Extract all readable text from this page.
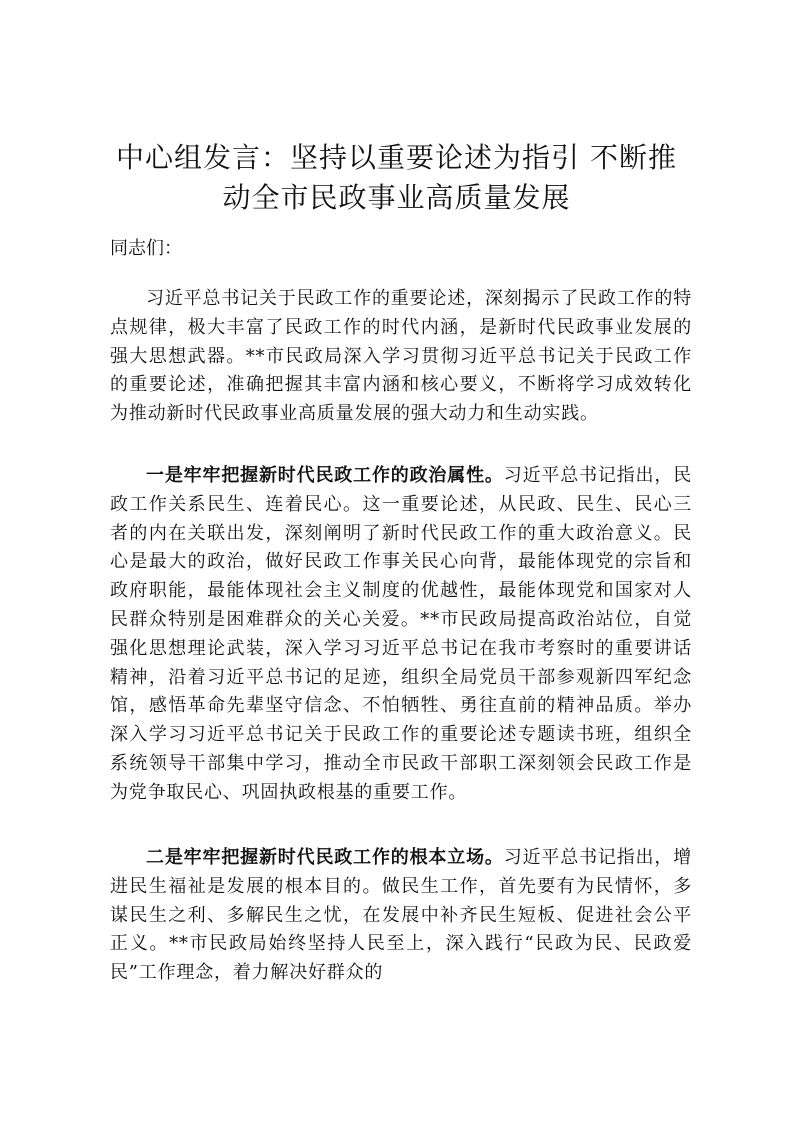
中心组发言：坚持以重要论述为指引 不断推
动全市民政事业高质量发展

同志们：

习近平总书记关于民政工作的重要论述，深刻揭示了民政工作的特点规律，极大丰富了民政工作的时代内涵，是新时代民政事业发展的强大思想武器。**市民政局深入学习贯彻习近平总书记关于民政工作的重要论述，准确把握其丰富内涵和核心要义，不断将学习成效转化为推动新时代民政事业高质量发展的强大动力和生动实践。

一是牢牢把握新时代民政工作的政治属性。习近平总书记指出，民政工作关系民生、连着民心。这一重要论述，从民政、民生、民心三者的内在关联出发，深刻阐明了新时代民政工作的重大政治意义。民心是最大的政治，做好民政工作事关民心向背，最能体现党的宗旨和政府职能，最能体现社会主义制度的优越性，最能体现党和国家对人民群众特别是困难群众的关心关爱。**市民政局提高政治站位，自觉强化思想理论武装，深入学习习近平总书记在我市考察时的重要讲话精神，沿着习近平总书记的足迹，组织全局党员干部参观新四军纪念馆，感悟革命先辈坚守信念、不怕牺牲、勇往直前的精神品质。举办深入学习习近平总书记关于民政工作的重要论述专题读书班，组织全系统领导干部集中学习，推动全市民政干部职工深刻领会民政工作是为党争取民心、巩固执政根基的重要工作。

二是牢牢把握新时代民政工作的根本立场。习近平总书记指出，增进民生福祉是发展的根本目的。做民生工作，首先要有为民情怀，多谋民生之利、多解民生之忧，在发展中补齐民生短板、促进社会公平正义。**市民政局始终坚持人民至上，深入践行“民政为民、民政爱民”工作理念，着力解决好群众的
